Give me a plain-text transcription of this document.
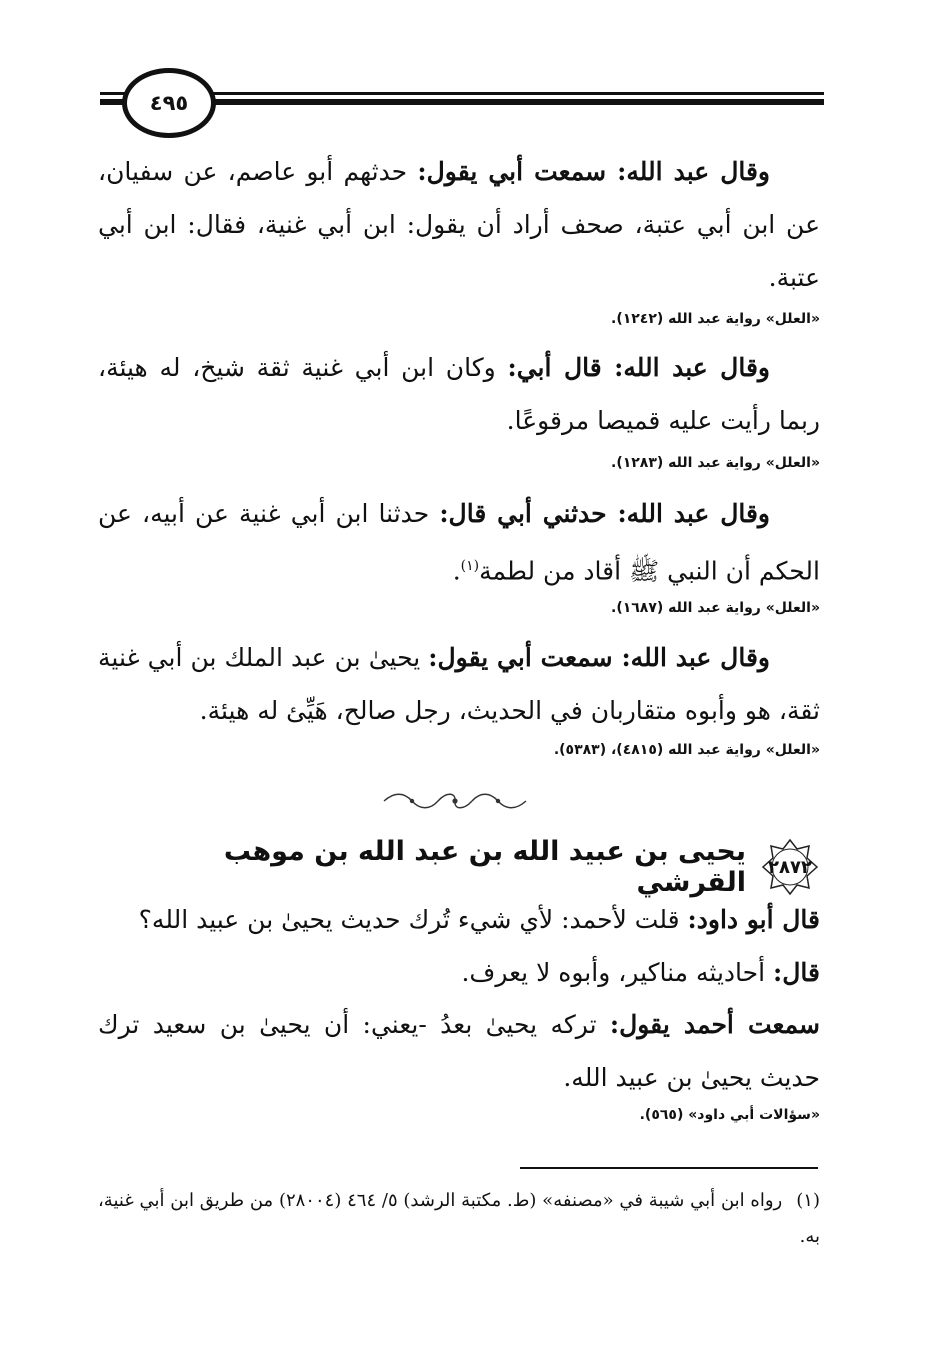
٤٩٥
وقال عبد الله: سمعت أبي يقول: حدثهم أبو عاصم، عن سفيان، عن ابن أبي عتبة، صحف أراد أن يقول: ابن أبي غنية، فقال: ابن أبي عتبة.
«العلل» رواية عبد الله (١٢٤٢).
وقال عبد الله: قال أبي: وكان ابن أبي غنية ثقة شيخ، له هيئة، ربما رأيت عليه قميصا مرقوعًا.
«العلل» رواية عبد الله (١٢٨٣).
وقال عبد الله: حدثني أبي قال: حدثنا ابن أبي غنية عن أبيه، عن الحكم أن النبي ﷺ أقاد من لطمة$^{(١)}$.
«العلل» رواية عبد الله (١٦٨٧).
وقال عبد الله: سمعت أبي يقول: يحيىٰ بن عبد الملك بن أبي غنية ثقة، هو وأبوه متقاربان في الحديث، رجل صالح، هَيِّئ له هيئة.
«العلل» رواية عبد الله (٤٨١٥)، (٥٣٨٣).
٢٨٧٢
يحيى بن عبيد الله بن عبد الله بن موهب القرشي
قال أبو داود: قلت لأحمد: لأي شيء تُرك حديث يحيىٰ بن عبيد الله؟
قال: أحاديثه مناكير، وأبوه لا يعرف.
سمعت أحمد يقول: تركه يحيىٰ بعدُ -يعني: أن يحيىٰ بن سعيد ترك حديث يحيىٰ بن عبيد الله.
«سؤالات أبي داود» (٥٦٥).
(١)رواه ابن أبي شيبة في «مصنفه» (ط. مكتبة الرشد) ٥/ ٤٦٤ (٢٨٠٠٤) من طريق ابن أبي غنية، به.
